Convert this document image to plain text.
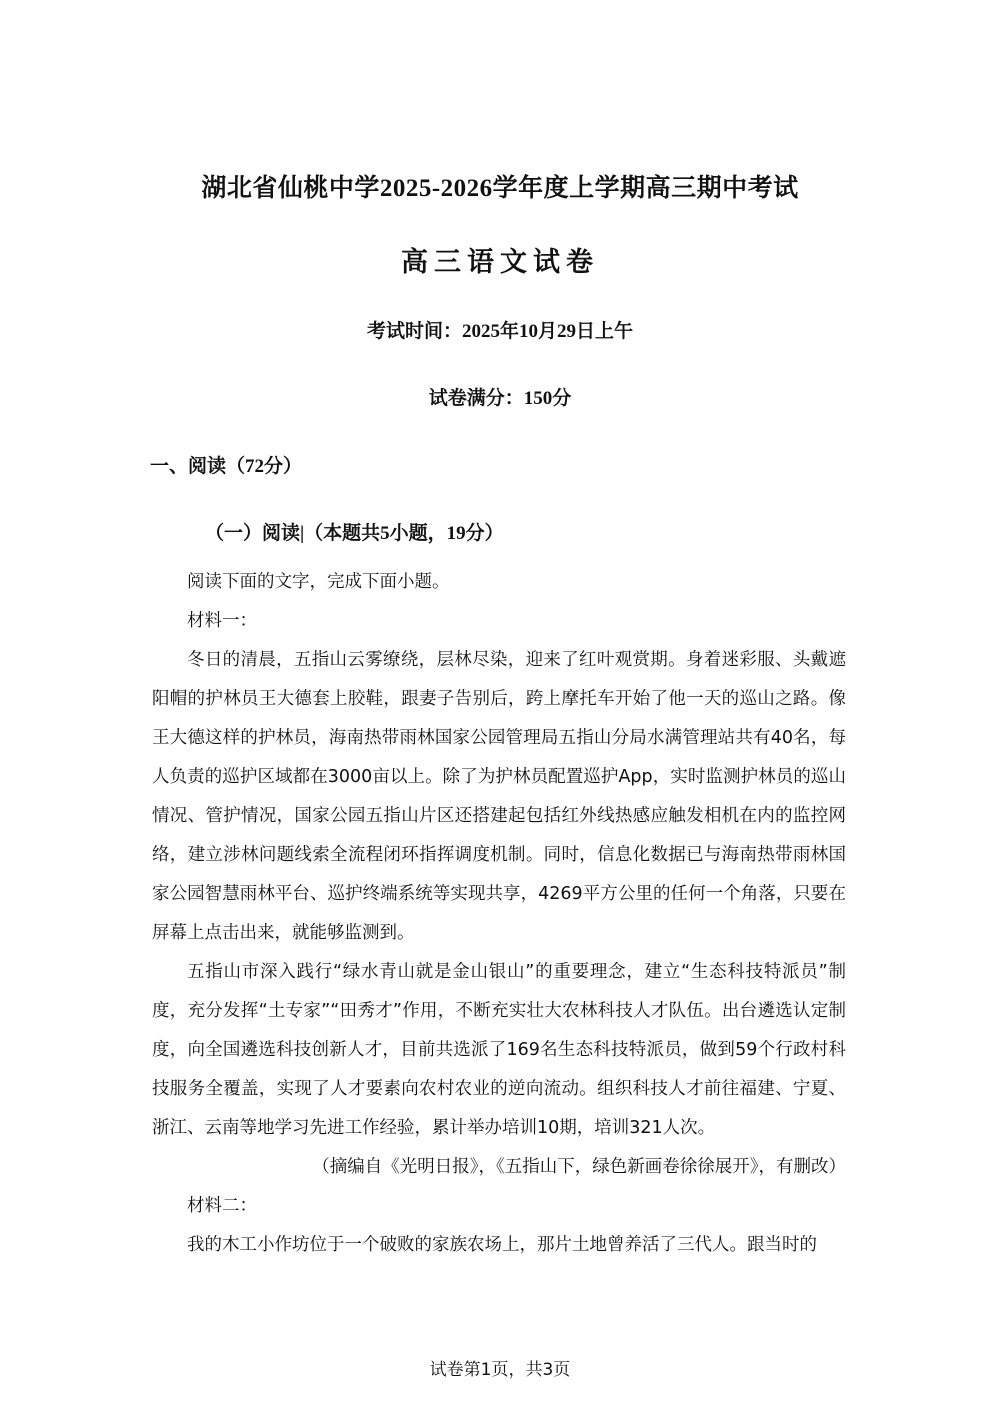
湖北省仙桃中学2025-2026学年度上学期高三期中考试
高三语文试卷
考试时间：2025年10月29日上午
试卷满分：150分
一、阅读（72分）
（一）阅读|（本题共5小题，19分）

阅读下面的文字，完成下面小题。

材料一：

冬日的清晨，五指山云雾缭绕，层林尽染，迎来了红叶观赏期。身着迷彩服、头戴遮阳帽的护林员王大德套上胶鞋，跟妻子告别后，跨上摩托车开始了他一天的巡山之路。像王大德这样的护林员，海南热带雨林国家公园管理局五指山分局水满管理站共有40名，每人负责的巡护区域都在3000亩以上。除了为护林员配置巡护App，实时监测护林员的巡山情况、管护情况，国家公园五指山片区还搭建起包括红外线热感应触发相机在内的监控网络，建立涉林问题线索全流程闭环指挥调度机制。同时，信息化数据已与海南热带雨林国家公园智慧雨林平台、巡护终端系统等实现共享，4269平方公里的任何一个角落，只要在屏幕上点击出来，就能够监测到。

五指山市深入践行“绿水青山就是金山银山”的重要理念，建立“生态科技特派员”制度，充分发挥“土专家”“田秀才”作用，不断充实壮大农林科技人才队伍。出台遴选认定制度，向全国遴选科技创新人才，目前共选派了169名生态科技特派员，做到59个行政村科技服务全覆盖，实现了人才要素向农村农业的逆向流动。组织科技人才前往福建、宁夏、浙江、云南等地学习先进工作经验，累计举办培训10期，培训321人次。

（摘编自《光明日报》，《五指山下，绿色新画卷徐徐展开》，有删改）

材料二：

我的木工小作坊位于一个破败的家族农场上，那片土地曾养活了三代人。跟当时的

试卷第1页，共3页
